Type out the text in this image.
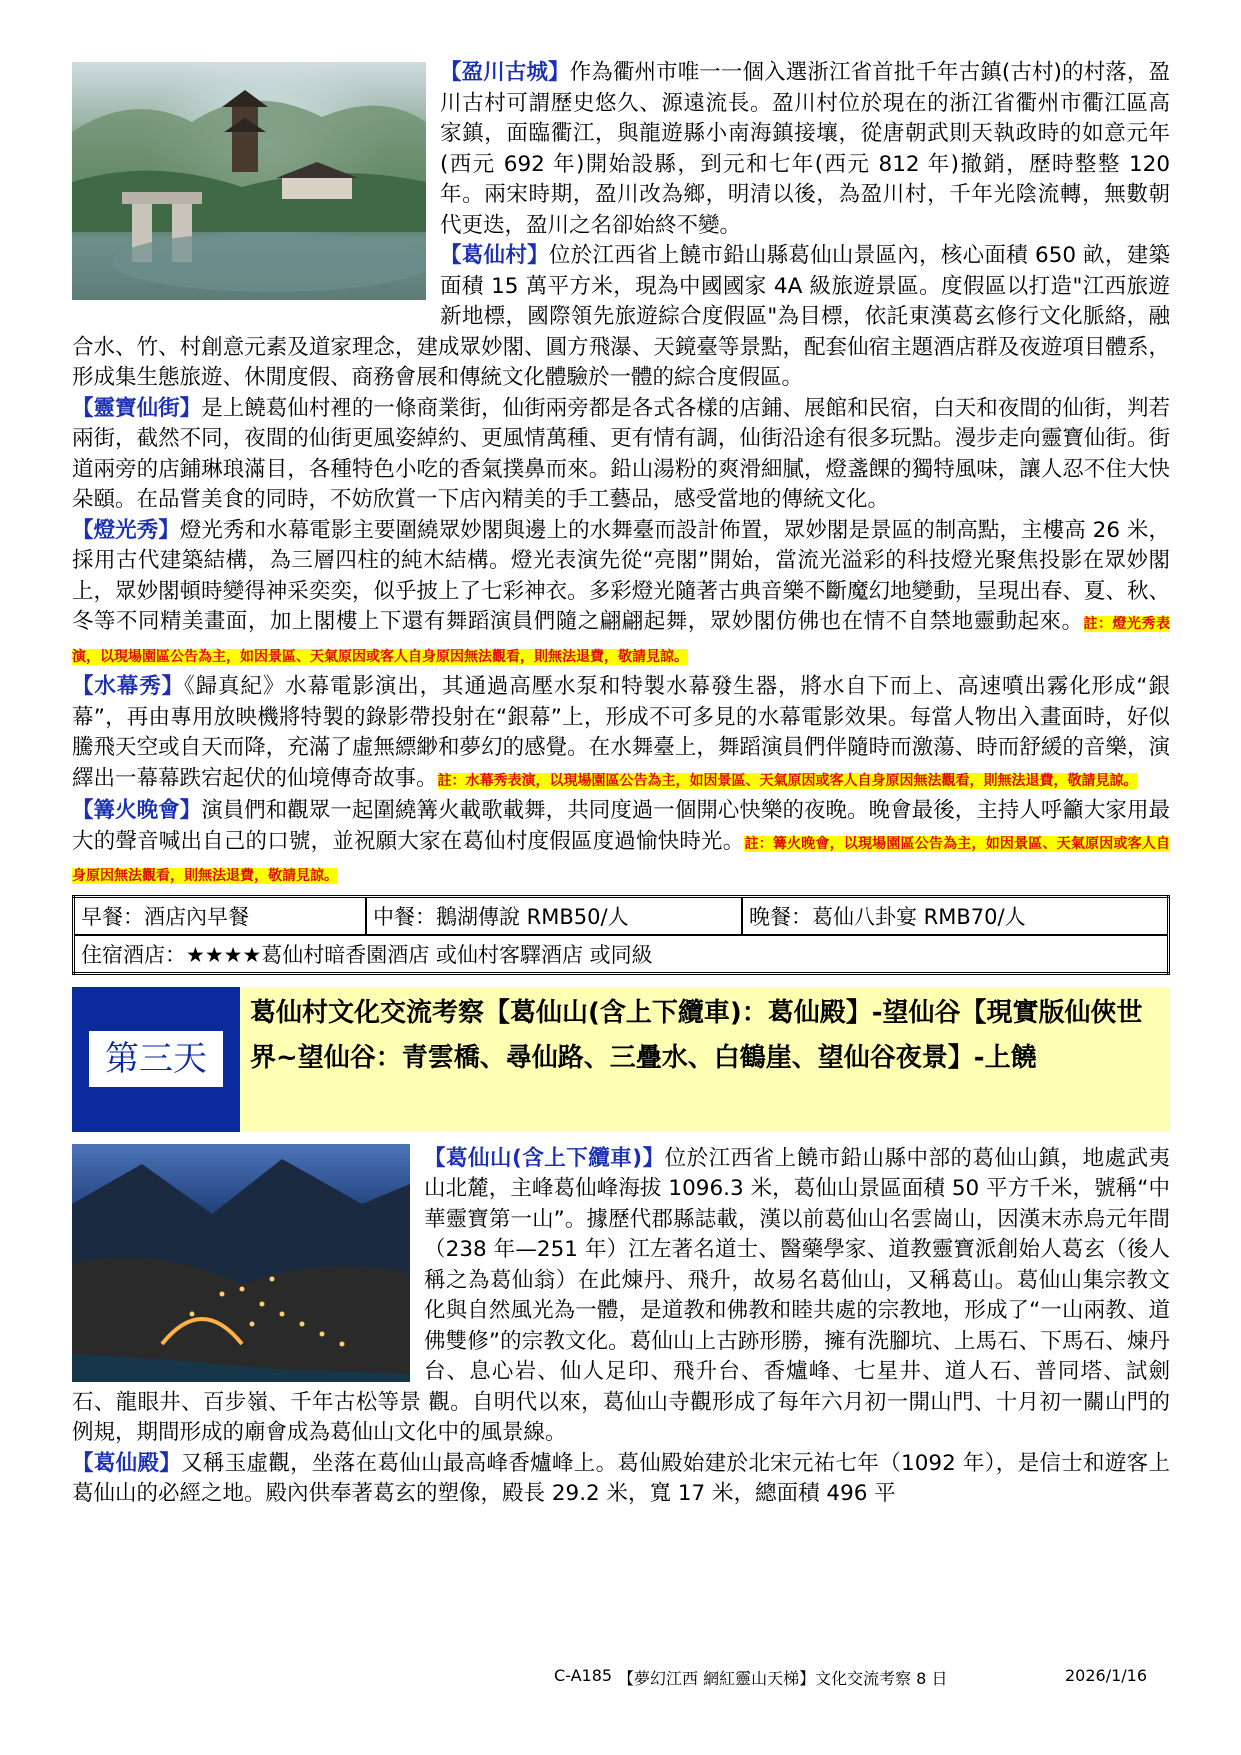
【盈川古城】作為衢州市唯一一個入選浙江省首批千年古鎮(古村)的村落，盈川古村可謂歷史悠久、源遠流長。盈川村位於現在的浙江省衢州市衢江區高家鎮，面臨衢江，與龍遊縣小南海鎮接壤，從唐朝武則天執政時的如意元年(西元 692 年)開始設縣，到元和七年(西元 812 年)撤銷，歷時整整 120 年。兩宋時期，盈川改為鄉，明清以後，為盈川村，千年光陰流轉，無數朝代更迭，盈川之名卻始終不變。

【葛仙村】位於江西省上饒市鉛山縣葛仙山景區內，核心面積 650 畝，建築面積 15 萬平方米，現為中國國家 4A 級旅遊景區。度假區以打造"江西旅遊新地標，國際領先旅遊綜合度假區"為目標，依託東漢葛玄修行文化脈絡，融合水、竹、村創意元素及道家理念，建成眾妙閣、圓方飛瀑、天鏡臺等景點，配套仙宿主題酒店群及夜遊項目體系，形成集生態旅遊、休閒度假、商務會展和傳統文化體驗於一體的綜合度假區。

【靈寶仙街】是上饒葛仙村裡的一條商業街，仙街兩旁都是各式各樣的店鋪、展館和民宿，白天和夜間的仙街，判若兩街，截然不同，夜間的仙街更風姿綽約、更風情萬種、更有情有調，仙街沿途有很多玩點。漫步走向靈寶仙街。街道兩旁的店鋪琳琅滿目，各種特色小吃的香氣撲鼻而來。鉛山湯粉的爽滑細膩，燈盞餜的獨特風味，讓人忍不住大快朵頤。在品嘗美食的同時，不妨欣賞一下店內精美的手工藝品，感受當地的傳統文化。

【燈光秀】燈光秀和水幕電影主要圍繞眾妙閣與邊上的水舞臺而設計佈置，眾妙閣是景區的制高點，主樓高 26 米，採用古代建築結構，為三層四柱的純木結構。燈光表演先從“亮閣”開始，當流光溢彩的科技燈光聚焦投影在眾妙閣上，眾妙閣頓時變得神采奕奕，似乎披上了七彩神衣。多彩燈光隨著古典音樂不斷魔幻地變動，呈現出春、夏、秋、冬等不同精美畫面，加上閣樓上下還有舞蹈演員們隨之翩翩起舞，眾妙閣仿佛也在情不自禁地靈動起來。註：燈光秀表演，以現場園區公告為主，如因景區、天氣原因或客人自身原因無法觀看，則無法退費，敬請見諒。

【水幕秀】《歸真紀》水幕電影演出，其通過高壓水泵和特製水幕發生器，將水自下而上、高速噴出霧化形成“銀幕”，再由專用放映機將特製的錄影帶投射在“銀幕”上，形成不可多見的水幕電影效果。每當人物出入畫面時，好似騰飛天空或自天而降，充滿了虛無縹緲和夢幻的感覺。在水舞臺上，舞蹈演員們伴隨時而激蕩、時而舒緩的音樂，演繹出一幕幕跌宕起伏的仙境傳奇故事。註：水幕秀表演，以現場園區公告為主，如因景區、天氣原因或客人自身原因無法觀看，則無法退費，敬請見諒。

【篝火晚會】演員們和觀眾一起圍繞篝火載歌載舞，共同度過一個開心快樂的夜晚。晚會最後，主持人呼籲大家用最大的聲音喊出自己的口號，並祝願大家在葛仙村度假區度過愉快時光。註：篝火晚會，以現場園區公告為主，如因景區、天氣原因或客人自身原因無法觀看，則無法退費，敬請見諒。

早餐：酒店內早餐	中餐：鵝湖傳說 RMB50/人	晚餐：葛仙八卦宴 RMB70/人
住宿酒店：★★★★葛仙村暗香園酒店 或仙村客驛酒店 或同級
第三天
葛仙村文化交流考察【葛仙山(含上下纜車)：葛仙殿】-望仙谷【現實版仙俠世界~望仙谷：青雲橋、尋仙路、三疊水、白鶴崖、望仙谷夜景】-上饒

【葛仙山(含上下纜車)】位於江西省上饒市鉛山縣中部的葛仙山鎮，地處武夷山北麓，主峰葛仙峰海拔 1096.3 米，葛仙山景區面積 50 平方千米，號稱“中華靈寶第一山”。據歷代郡縣誌載，漢以前葛仙山名雲崗山，因漢末赤烏元年間（238 年—251 年）江左著名道士、醫藥學家、道教靈寶派創始人葛玄（後人稱之為葛仙翁）在此煉丹、飛升，故易名葛仙山，又稱葛山。葛仙山集宗教文化與自然風光為一體，是道教和佛教和睦共處的宗教地，形成了“一山兩教、道佛雙修”的宗教文化。葛仙山上古跡形勝，擁有洗腳坑、上馬石、下馬石、煉丹台、息心岩、仙人足印、飛升台、香爐峰、七星井、道人石、普同塔、試劍石、龍眼井、百步嶺、千年古松等景 觀。自明代以來，葛仙山寺觀形成了每年六月初一開山門、十月初一關山門的例規，期間形成的廟會成為葛仙山文化中的風景線。

【葛仙殿】又稱玉虛觀，坐落在葛仙山最高峰香爐峰上。葛仙殿始建於北宋元祐七年（1092 年），是信士和遊客上葛仙山的必經之地。殿內供奉著葛玄的塑像，殿長 29.2 米，寬 17 米，總面積 496 平

C-A185 【夢幻江西 網紅靈山天梯】文化交流考察 8 日	2026/1/16
